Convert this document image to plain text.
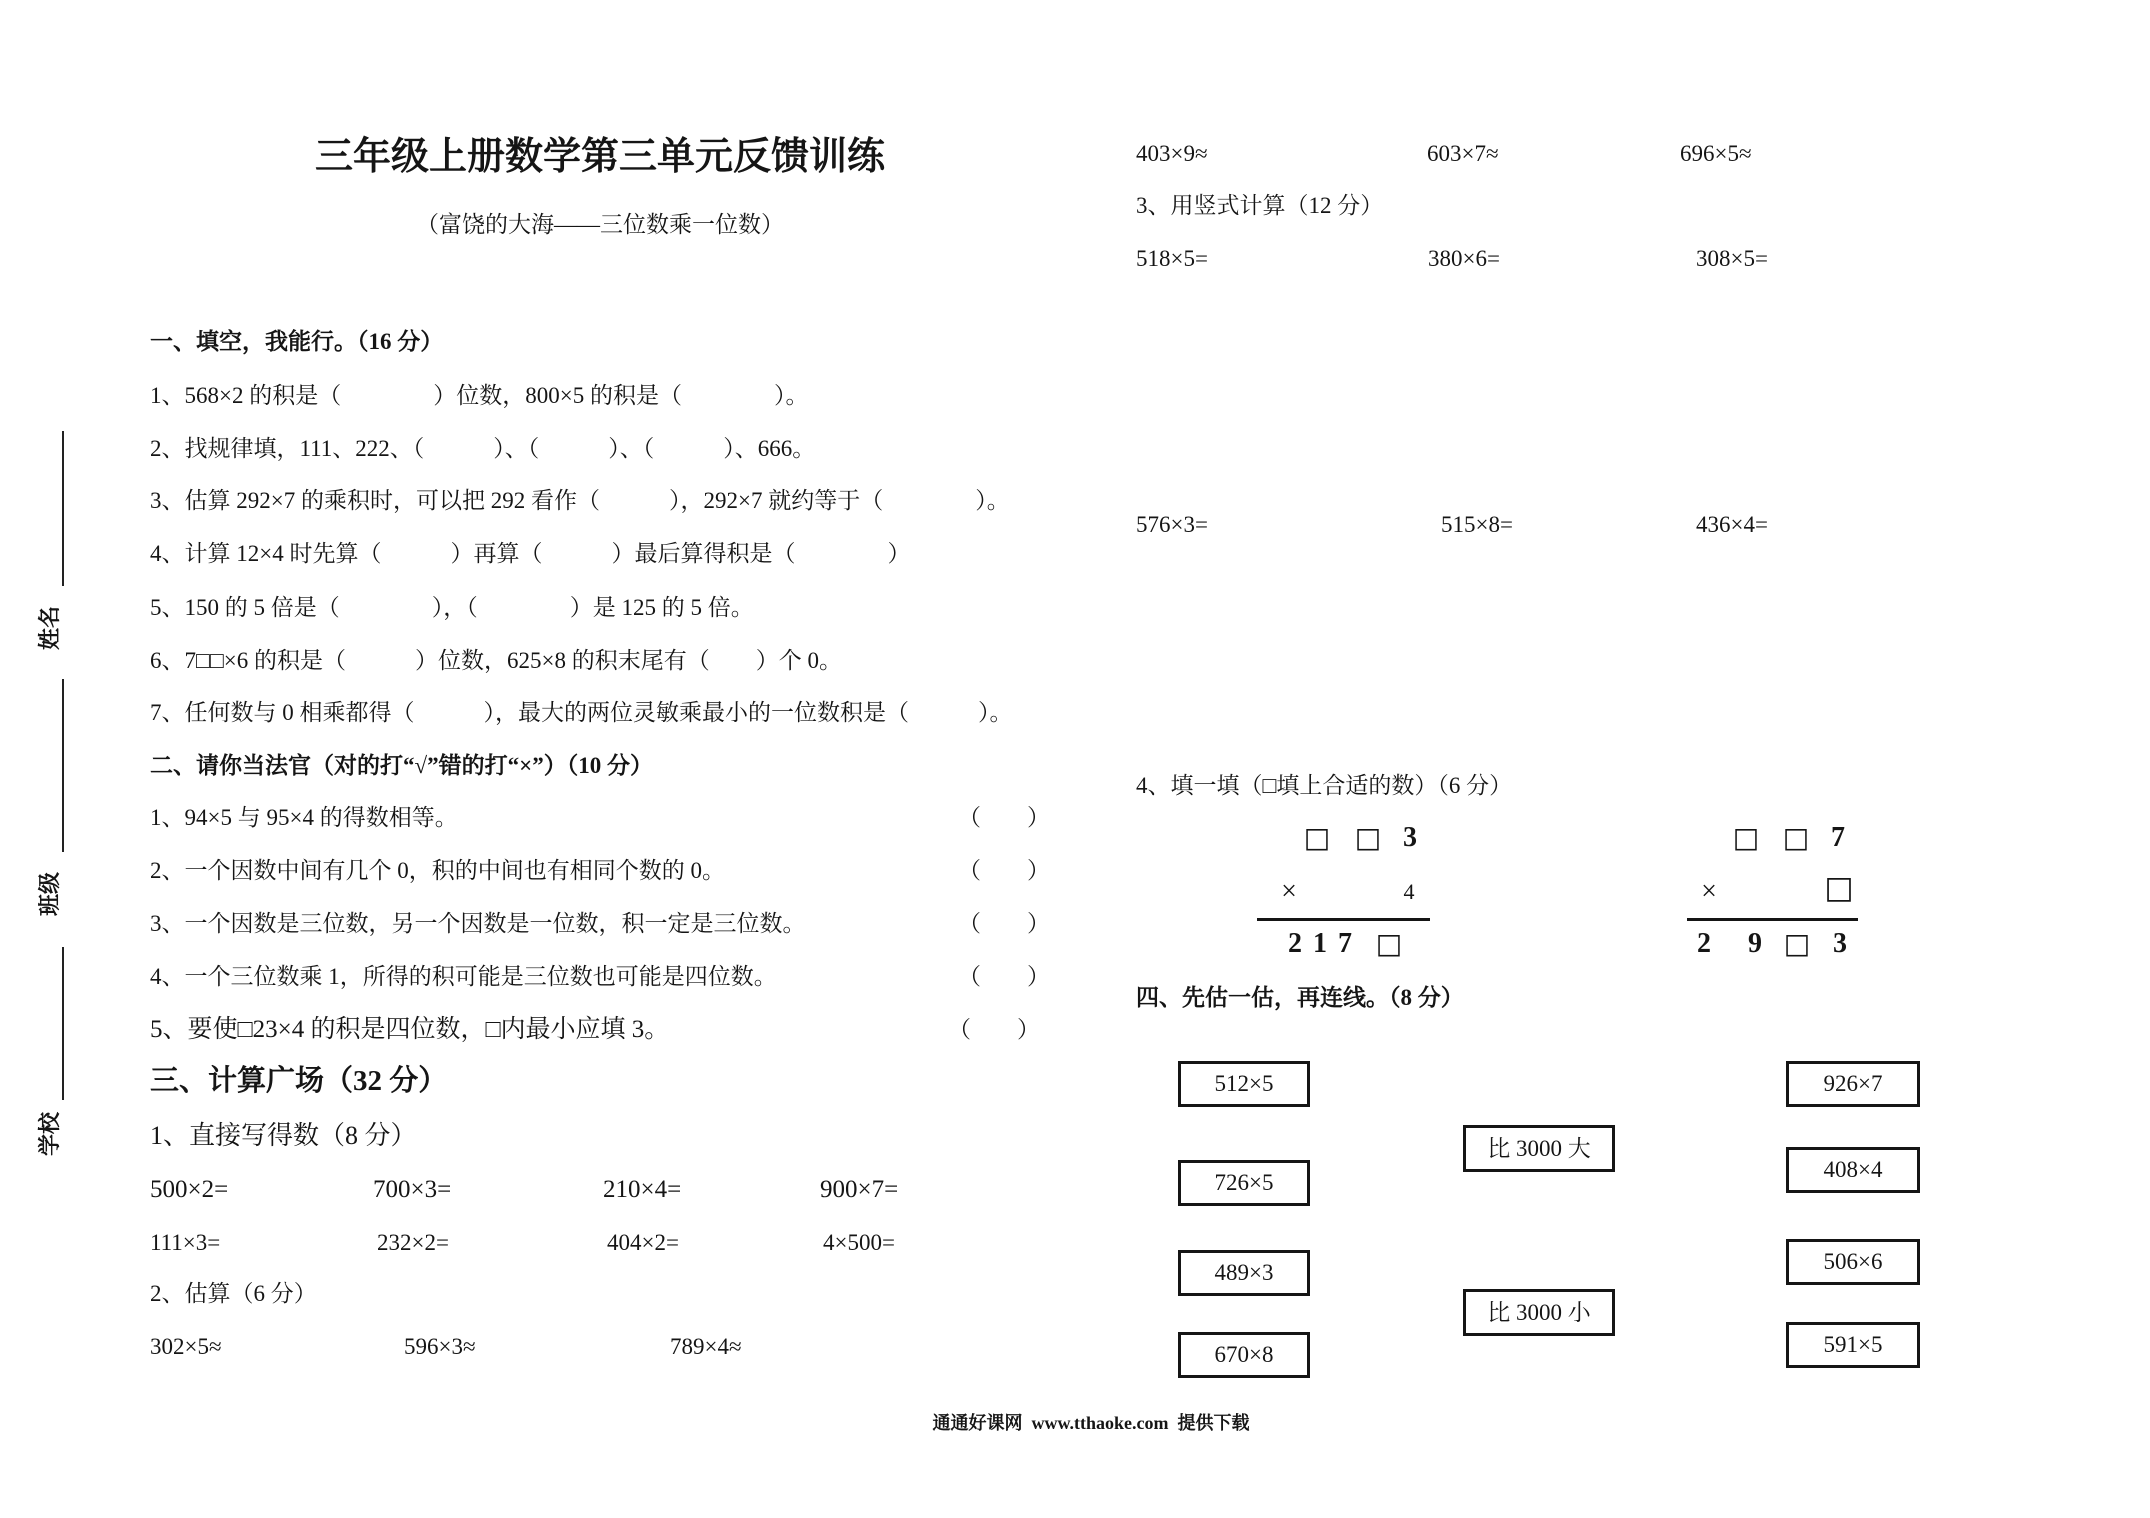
姓名
班级
学校
三年级上册数学第三单元反馈训练
（富饶的大海——三位数乘一位数）
一、填空，我能行。（16 分）
1、568×2 的积是（　　　　）位数，800×5 的积是（　　　　）。
2、找规律填，111、222、（　　　）、（　　　）、（　　　）、666。
3、估算 292×7 的乘积时，可以把 292 看作（　　　），292×7 就约等于（　　　　）。
4、计算 12×4 时先算（　　　）再算（　　　）最后算得积是（　　　　）
5、150 的 5 倍是（　　　　），（　　　　）是 125 的 5 倍。
6、7□□×6 的积是（　　　）位数，625×8 的积末尾有（　　）个 0。
7、任何数与 0 相乘都得（　　　），最大的两位灵敏乘最小的一位数积是（　　　）。
二、请你当法官（对的打“√”错的打“×”）（10 分）
1、94×5 与 95×4 的得数相等。	（　　）
2、一个因数中间有几个 0，积的中间也有相同个数的 0。	（　　）
3、一个因数是三位数，另一个因数是一位数，积一定是三位数。	（　　）
4、一个三位数乘 1，所得的积可能是三位数也可能是四位数。	（　　）
5、要使□23×4 的积是四位数，□内最小应填 3。	（　　）
三、计算广场（32 分）
1、直接写得数（8 分）
500×2=	700×3=	210×4=	900×7=
111×3=	232×2=	404×2=	4×500=
2、估算（6 分）
302×5≈	596×3≈	789×4≈
403×9≈	603×7≈	696×5≈
3、用竖式计算（12 分）
518×5=	380×6=	308×5=
576×3=	515×8=	436×4=
4、填一填（□填上合适的数）（6 分）
□ □ 3
×	4
2 1 7 □
□ □ 7
×	□
2 9 □ 3
四、先估一估，再连线。（8 分）
512×5
726×5
489×3
670×8
比 3000 大
比 3000 小
926×7
408×4
506×6
591×5
通通好课网  www.tthaoke.com  提供下载
